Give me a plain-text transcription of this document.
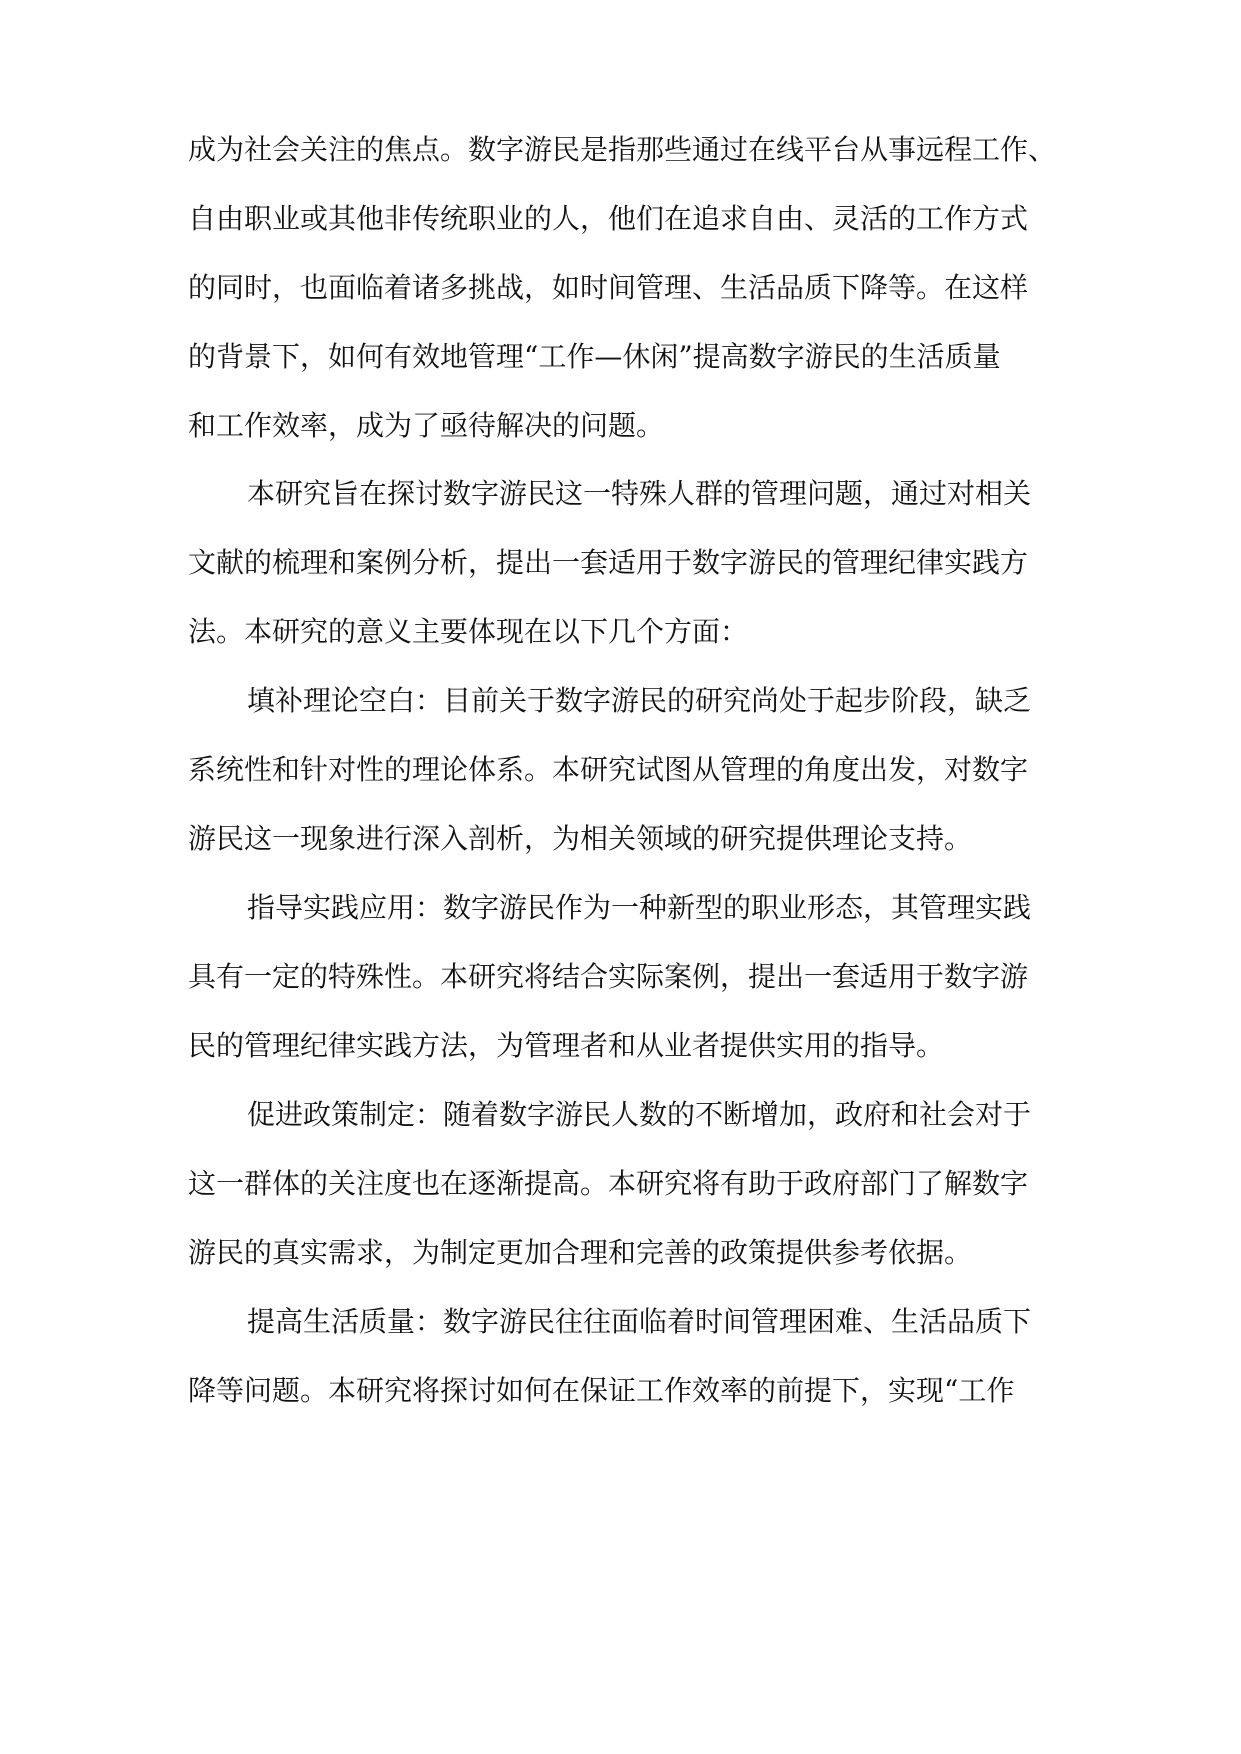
成为社会关注的焦点。数字游民是指那些通过在线平台从事远程工作、
自由职业或其他非传统职业的人，他们在追求自由、灵活的工作方式
的同时，也面临着诸多挑战，如时间管理、生活品质下降等。在这样
的背景下，如何有效地管理“工作—休闲”提高数字游民的生活质量
和工作效率，成为了亟待解决的问题。
本研究旨在探讨数字游民这一特殊人群的管理问题，通过对相关
文献的梳理和案例分析，提出一套适用于数字游民的管理纪律实践方
法。本研究的意义主要体现在以下几个方面：
填补理论空白：目前关于数字游民的研究尚处于起步阶段，缺乏
系统性和针对性的理论体系。本研究试图从管理的角度出发，对数字
游民这一现象进行深入剖析，为相关领域的研究提供理论支持。
指导实践应用：数字游民作为一种新型的职业形态，其管理实践
具有一定的特殊性。本研究将结合实际案例，提出一套适用于数字游
民的管理纪律实践方法，为管理者和从业者提供实用的指导。
促进政策制定：随着数字游民人数的不断增加，政府和社会对于
这一群体的关注度也在逐渐提高。本研究将有助于政府部门了解数字
游民的真实需求，为制定更加合理和完善的政策提供参考依据。
提高生活质量：数字游民往往面临着时间管理困难、生活品质下
降等问题。本研究将探讨如何在保证工作效率的前提下，实现“工作
